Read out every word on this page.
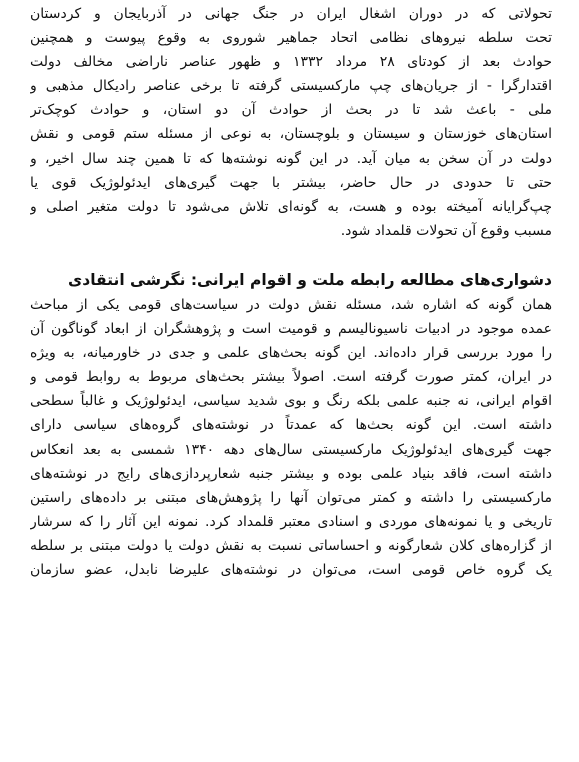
تحولاتی که در دوران اشغال ایران در جنگ جهانی در آذربایجان و کردستان
تحت سلطه نیروهای نظامی اتحاد جماهیر شوروی به وقوع پیوست و همچنین
حوادث بعد از کودتای ۲۸ مرداد ۱۳۳۲ و ظهور عناصر ناراضی مخالف دولت
اقتدارگرا - از جریان‌های چپ مارکسیستی گرفته تا برخی عناصر رادیکال مذهبی و
ملی - باعث شد تا در بحث از حوادث آن دو استان، و حوادث کوچک‌تر
استان‌های خوزستان و سیستان و بلوچستان، به نوعی از مسئله ستم قومی و نقش
دولت در آن سخن به میان آید. در این گونه نوشته‌ها که تا همین چند سال اخیر، و
حتی تا حدودی در حال حاضر، بیشتر با جهت گیری‌های ایدئولوژیک قوی یا
چپ‌گرایانه آمیخته بوده و هست، به گونه‌ای تلاش می‌شود تا دولت متغیر اصلی و
مسبب وقوع آن تحولات قلمداد شود.
دشواری‌های مطالعه رابطه ملت و اقوام ایرانی: نگرشی انتقادی
همان گونه که اشاره شد، مسئله نقش دولت در سیاست‌های قومی یکی از مباحث
عمده موجود در ادبیات ناسیونالیسم و قومیت است و پژوهشگران از ابعاد گوناگون آن
را مورد بررسی قرار داده‌اند. این گونه بحث‌های علمی و جدی در خاورمیانه، به ویژه
در ایران، کمتر صورت گرفته است. اصولاً بیشتر بحث‌های مربوط به روابط قومی و
اقوام ایرانی، نه جنبه علمی بلکه رنگ و بوی شدید سیاسی، ایدئولوژیک و غالباً سطحی
داشته است. این گونه بحث‌ها که عمدتاً در نوشته‌های گروه‌های سیاسی دارای
جهت گیری‌های ایدئولوژیک مارکسیستی سال‌های دهه ۱۳۴۰ شمسی به بعد انعکاس
داشته است، فاقد بنیاد علمی بوده و بیشتر جنبه شعارپردازی‌های رایج در نوشته‌های
مارکسیستی را داشته و کمتر می‌توان آنها را پژوهش‌های مبتنی بر داده‌های راستین
تاریخی و یا نمونه‌های موردی و اسنادی معتبر قلمداد کرد. نمونه این آثار را که سرشار
از گزاره‌های کلان شعارگونه و احساساتی نسبت به نقش دولت یا دولت مبتنی بر سلطه
یک گروه خاص قومی است، می‌توان در نوشته‌های علیرضا نابدل، عضو سازمان
